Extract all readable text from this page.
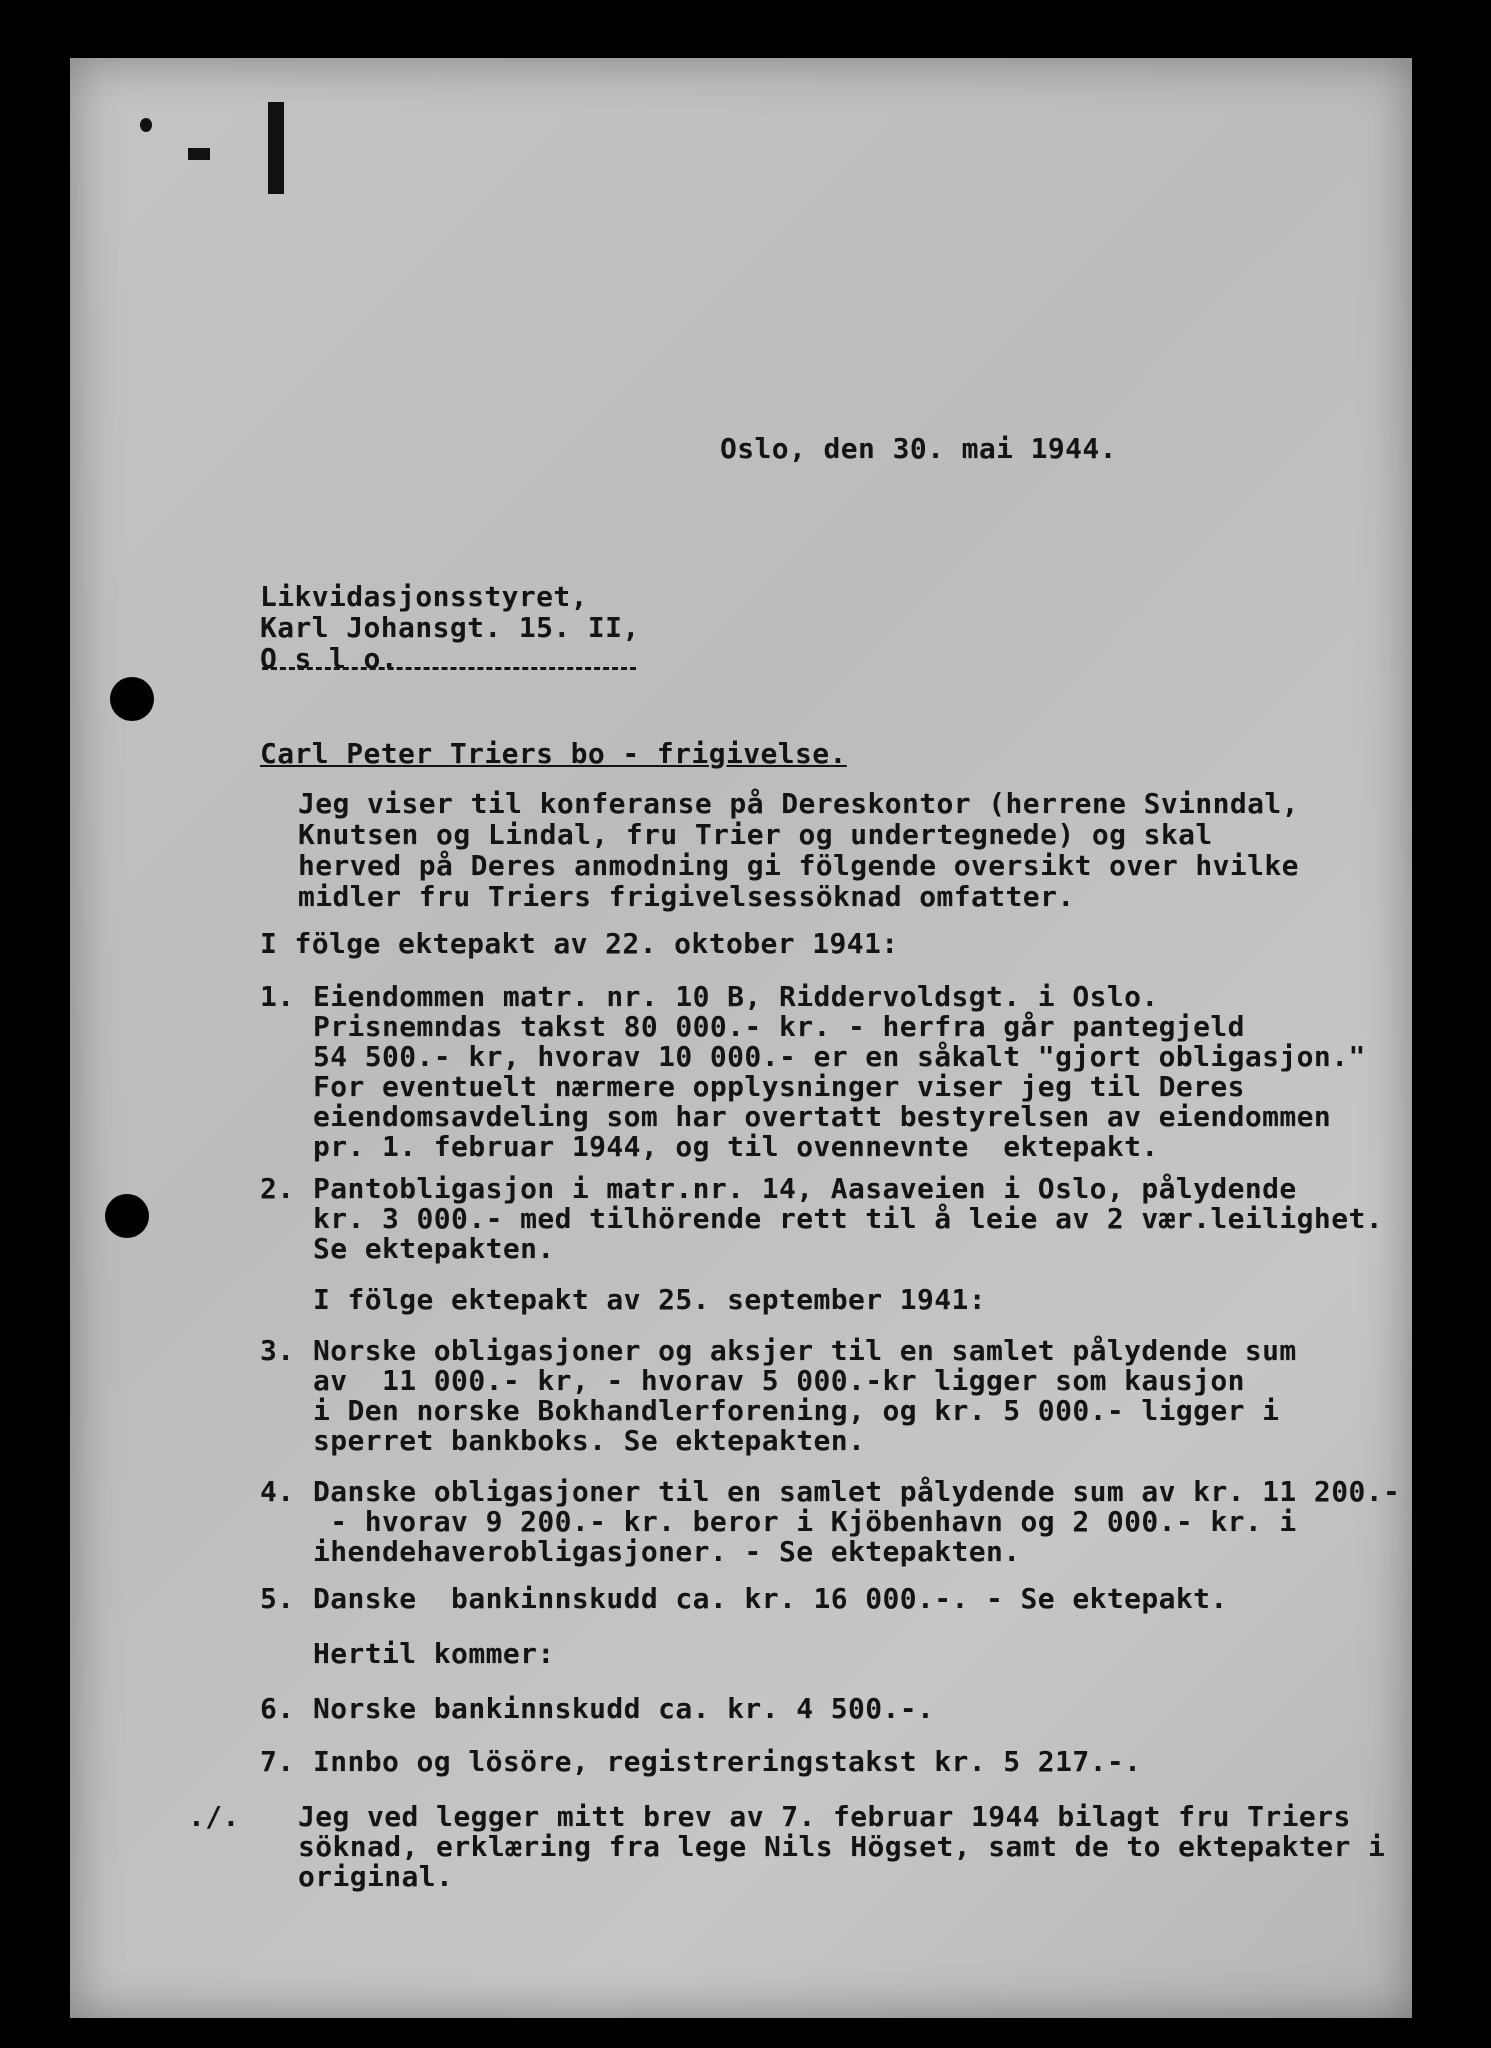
Oslo, den 30. mai 1944.

Likvidasjonsstyret,

Karl Johansgt. 15. II,

O s l o.

Carl Peter Triers bo - frigivelse.

Jeg viser til konferanse på Dereskontor (herrene Svinndal,

Knutsen og Lindal, fru Trier og undertegnede) og skal

herved på Deres anmodning gi fölgende oversikt over hvilke

midler fru Triers frigivelsessöknad omfatter.

I fölge ektepakt av 22. oktober 1941:

1. Eiendommen matr. nr. 10 B, Riddervoldsgt. i Oslo.

Prisnemndas takst 80 000.- kr. - herfra går pantegjeld

54 500.- kr, hvorav 10 000.- er en såkalt "gjort obligasjon."

For eventuelt nærmere opplysninger viser jeg til Deres

eiendomsavdeling som har overtatt bestyrelsen av eiendommen

pr. 1. februar 1944, og til ovennevnte  ektepakt.

2. Pantobligasjon i matr.nr. 14, Aasaveien i Oslo, pålydende

kr. 3 000.- med tilhörende rett til å leie av 2 vær.leilighet.

Se ektepakten.

I fölge ektepakt av 25. september 1941:

3. Norske obligasjoner og aksjer til en samlet pålydende sum

av  11 000.- kr, - hvorav 5 000.-kr ligger som kausjon

i Den norske Bokhandlerforening, og kr. 5 000.- ligger i

sperret bankboks. Se ektepakten.

4. Danske obligasjoner til en samlet pålydende sum av kr. 11 200.-

- hvorav 9 200.- kr. beror i Kjöbenhavn og 2 000.- kr. i

ihendehaverobligasjoner. - Se ektepakten.

5. Danske  bankinnskudd ca. kr. 16 000.-. - Se ektepakt.

Hertil kommer:

6. Norske bankinnskudd ca. kr. 4 500.-.

7. Innbo og lösöre, registreringstakst kr. 5 217.-.

./. Jeg ved legger mitt brev av 7. februar 1944 bilagt fru Triers

söknad, erklæring fra lege Nils Högset, samt de to ektepakter i

original.
